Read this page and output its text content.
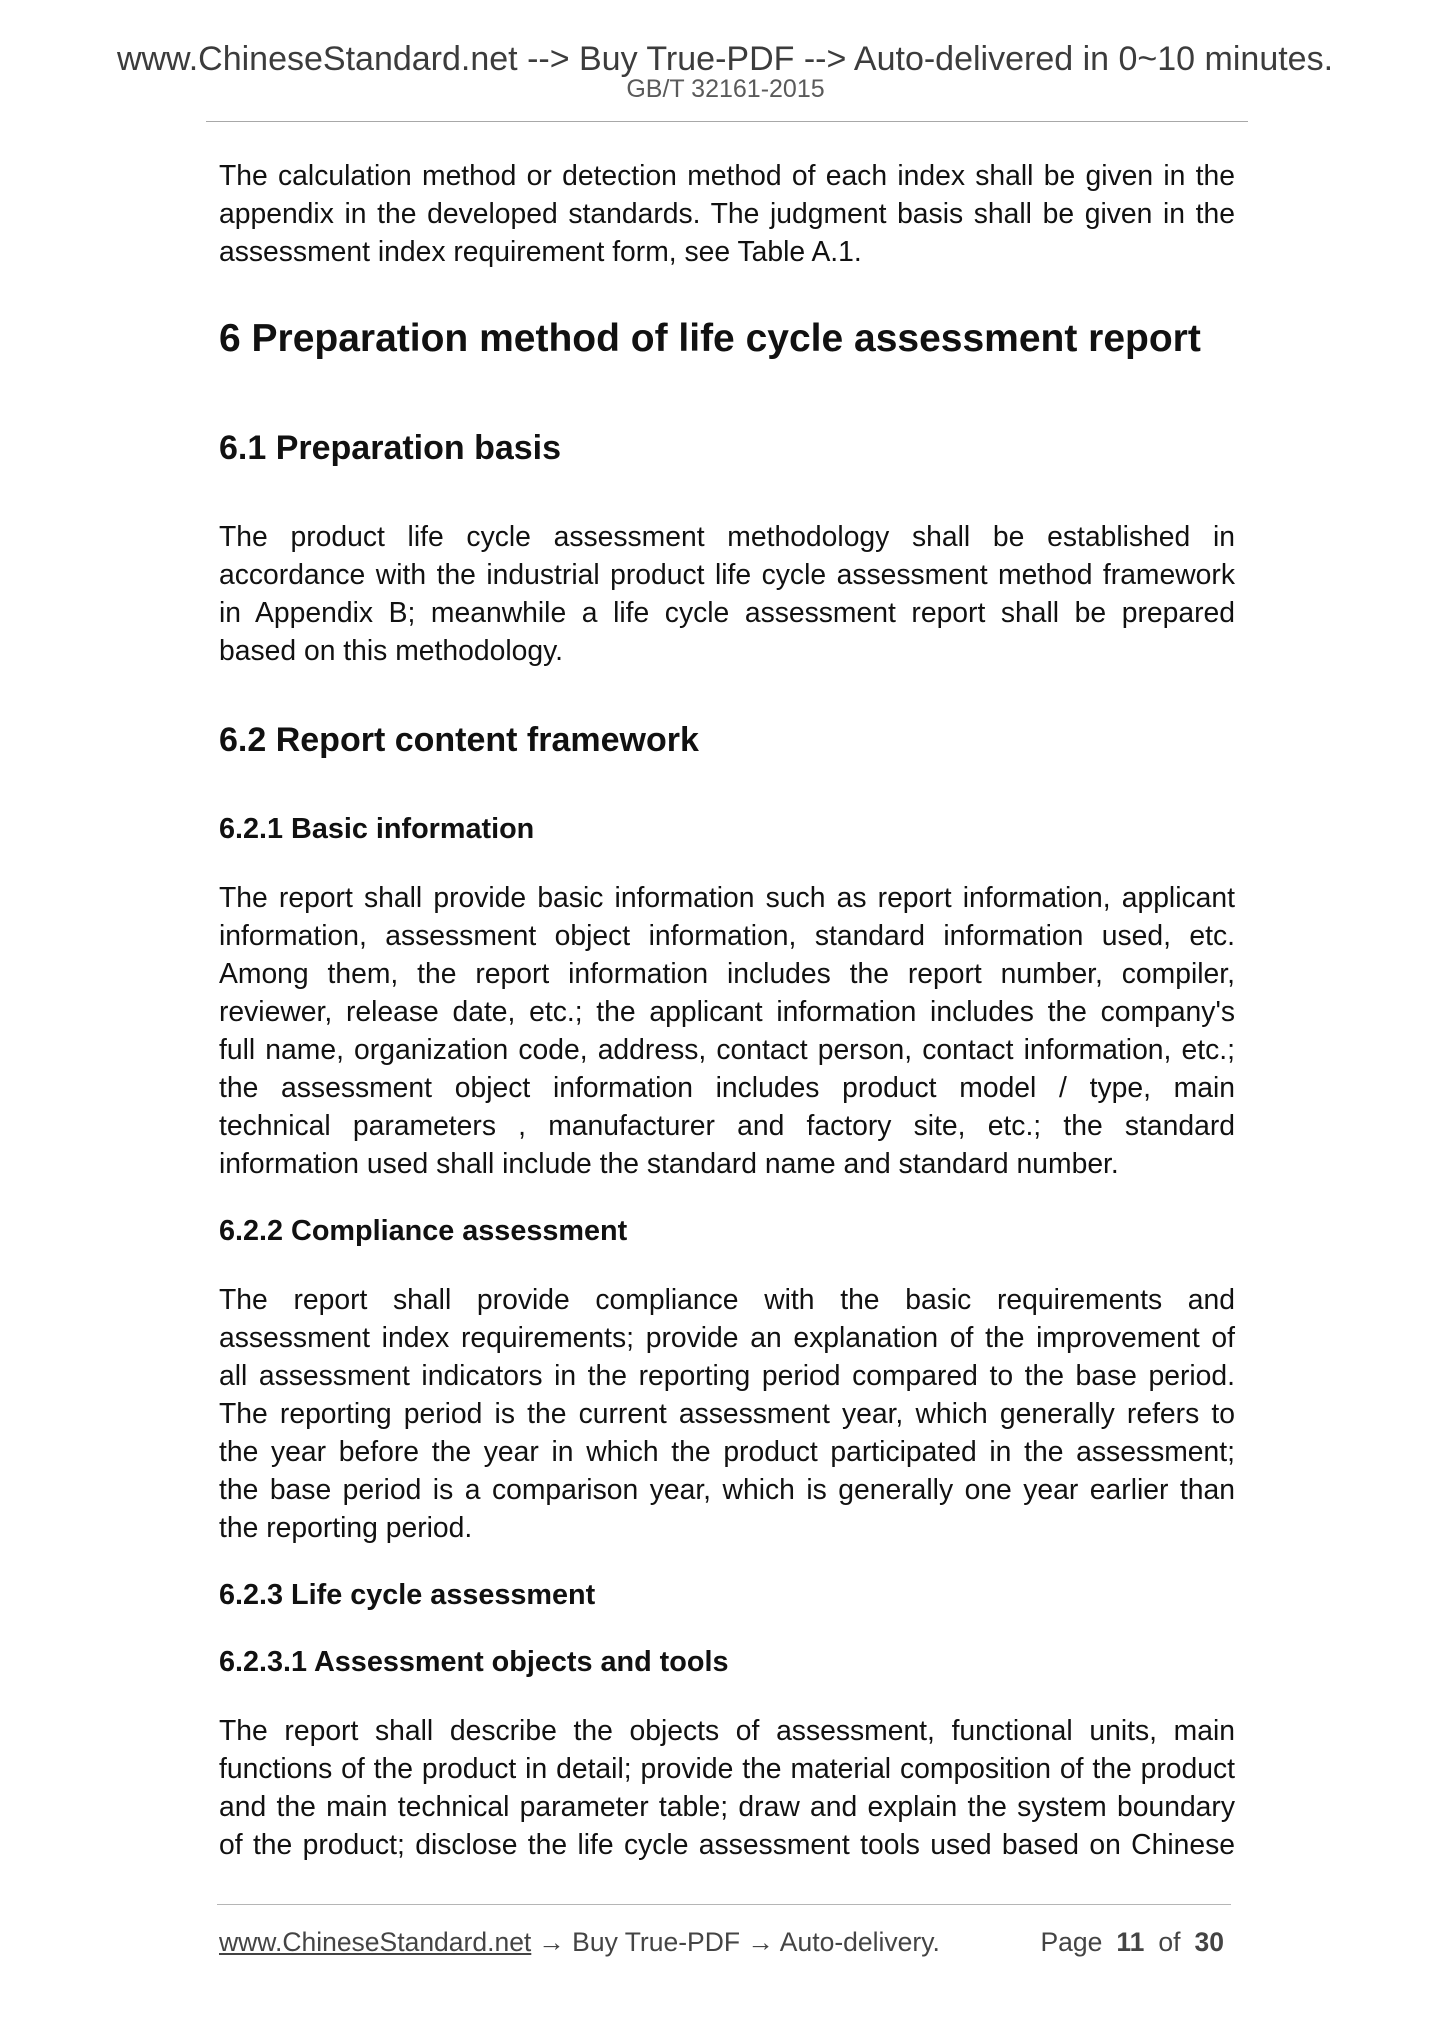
www.ChineseStandard.net --> Buy True-PDF --> Auto-delivered in 0~10 minutes.
GB/T 32161-2015
The calculation method or detection method of each index shall be given in the
appendix in the developed standards. The judgment basis shall be given in the
assessment index requirement form, see Table A.1.
6 Preparation method of life cycle assessment report
6.1 Preparation basis
The product life cycle assessment methodology shall be established in
accordance with the industrial product life cycle assessment method framework
in Appendix B; meanwhile a life cycle assessment report shall be prepared
based on this methodology.
6.2 Report content framework
6.2.1 Basic information
The report shall provide basic information such as report information, applicant
information, assessment object information, standard information used, etc.
Among them, the report information includes the report number, compiler,
reviewer, release date, etc.; the applicant information includes the company's
full name, organization code, address, contact person, contact information, etc.;
the assessment object information includes product model / type, main
technical parameters , manufacturer and factory site, etc.; the standard
information used shall include the standard name and standard number.
6.2.2 Compliance assessment
The report shall provide compliance with the basic requirements and
assessment index requirements; provide an explanation of the improvement of
all assessment indicators in the reporting period compared to the base period.
The reporting period is the current assessment year, which generally refers to
the year before the year in which the product participated in the assessment;
the base period is a comparison year, which is generally one year earlier than
the reporting period.
6.2.3 Life cycle assessment
6.2.3.1 Assessment objects and tools
The report shall describe the objects of assessment, functional units, main
functions of the product in detail; provide the material composition of the product
and the main technical parameter table; draw and explain the system boundary
of the product; disclose the life cycle assessment tools used based on Chinese
www.ChineseStandard.net → Buy True-PDF → Auto-delivery.	Page 11 of 30
